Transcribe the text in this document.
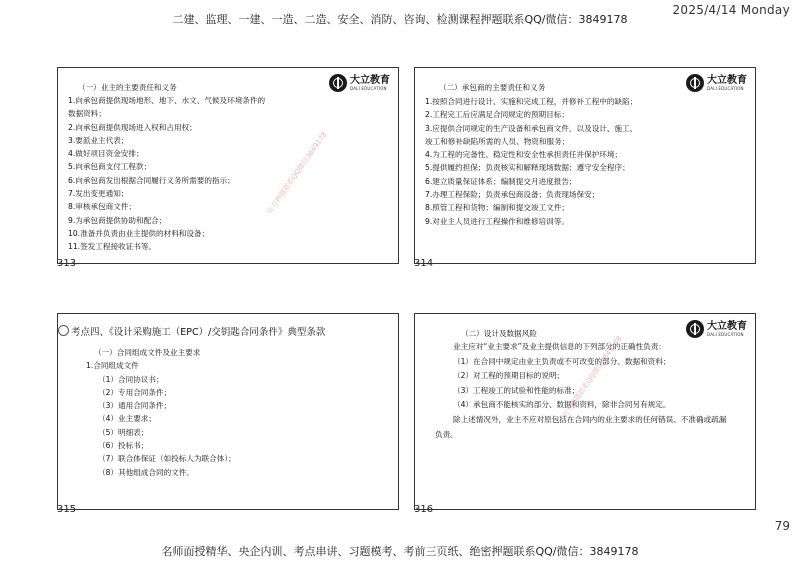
二建、监理、一建、一造、二造、安全、消防、咨询、检测课程押题联系QQ/微信：3849178
2025/4/14 Monday
大立教育
DALI EDUCATION
（一）业主的主要责任和义务
1.向承包商提供现场地形、地下、水文、气候及环境条件的
数据资料；
2.向承包商提供现场进入权和占用权；
3.要派业主代表；
4.做好项目资金安排；
5.向承包商支付工程款；
6.向承包商发出根据合同履行义务所需要的指示；
7.发出变更通知；
8.审核承包商文件；
9.为承包商提供协助和配合；
10.准备并负责由业主提供的材料和设备；
11.签发工程接收证书等。
官方押题联系QQ微信3849178
313
大立教育
DALI EDUCATION
（二）承包商的主要责任和义务
1.按照合同进行设计、实施和完成工程，并修补工程中的缺陷；
2.工程完工后应满足合同规定的预期目标；
3.应提供合同规定的生产设备和承包商文件，以及设计、施工、
竣工和修补缺陷所需的人员、物资和服务；
4.为工程的完备性、稳定性和安全性承担责任并保护环境；
5.提供履约担保；负责核实和解释现场数据；遵守安全程序；
6.建立质量保证体系；编制提交月进度报告；
7.办理工程保险；负责承包商设备；负责现场保安；
8.照管工程和货物；编制和提交竣工文件；
9.对业主人员进行工程操作和维修培训等。
314
考点四、《设计采购施工（EPC）/交钥匙合同条件》典型条款
（一）合同组成文件及业主要求
1.合同组成文件
（1）合同协议书；
（2）专用合同条件；
（3）通用合同条件；
（4）业主要求；
（5）明细表；
（6）投标书；
（7）联合体保证（如投标人为联合体）；
（8）其他组成合同的文件。
315
大立教育
DALI EDUCATION
（二）设计及数据风险
业主应对“业主要求”及业主提供信息的下列部分的正确性负责：
（1）在合同中规定由业主负责或不可改变的部分、数据和资料；
（2）对工程的预期目标的说明；
（3）工程竣工的试验和性能的标准；
（4）承包商不能核实的部分、数据和资料，除非合同另有规定。
除上述情况外，业主不应对原包括在合同内的业主要求的任何错误、不准确或疏漏负责。
官方押题联系QQ微信3849178
316
79
名师面授精华、央企内训、考点串讲、习题模考、考前三页纸、绝密押题联系QQ/微信：3849178
